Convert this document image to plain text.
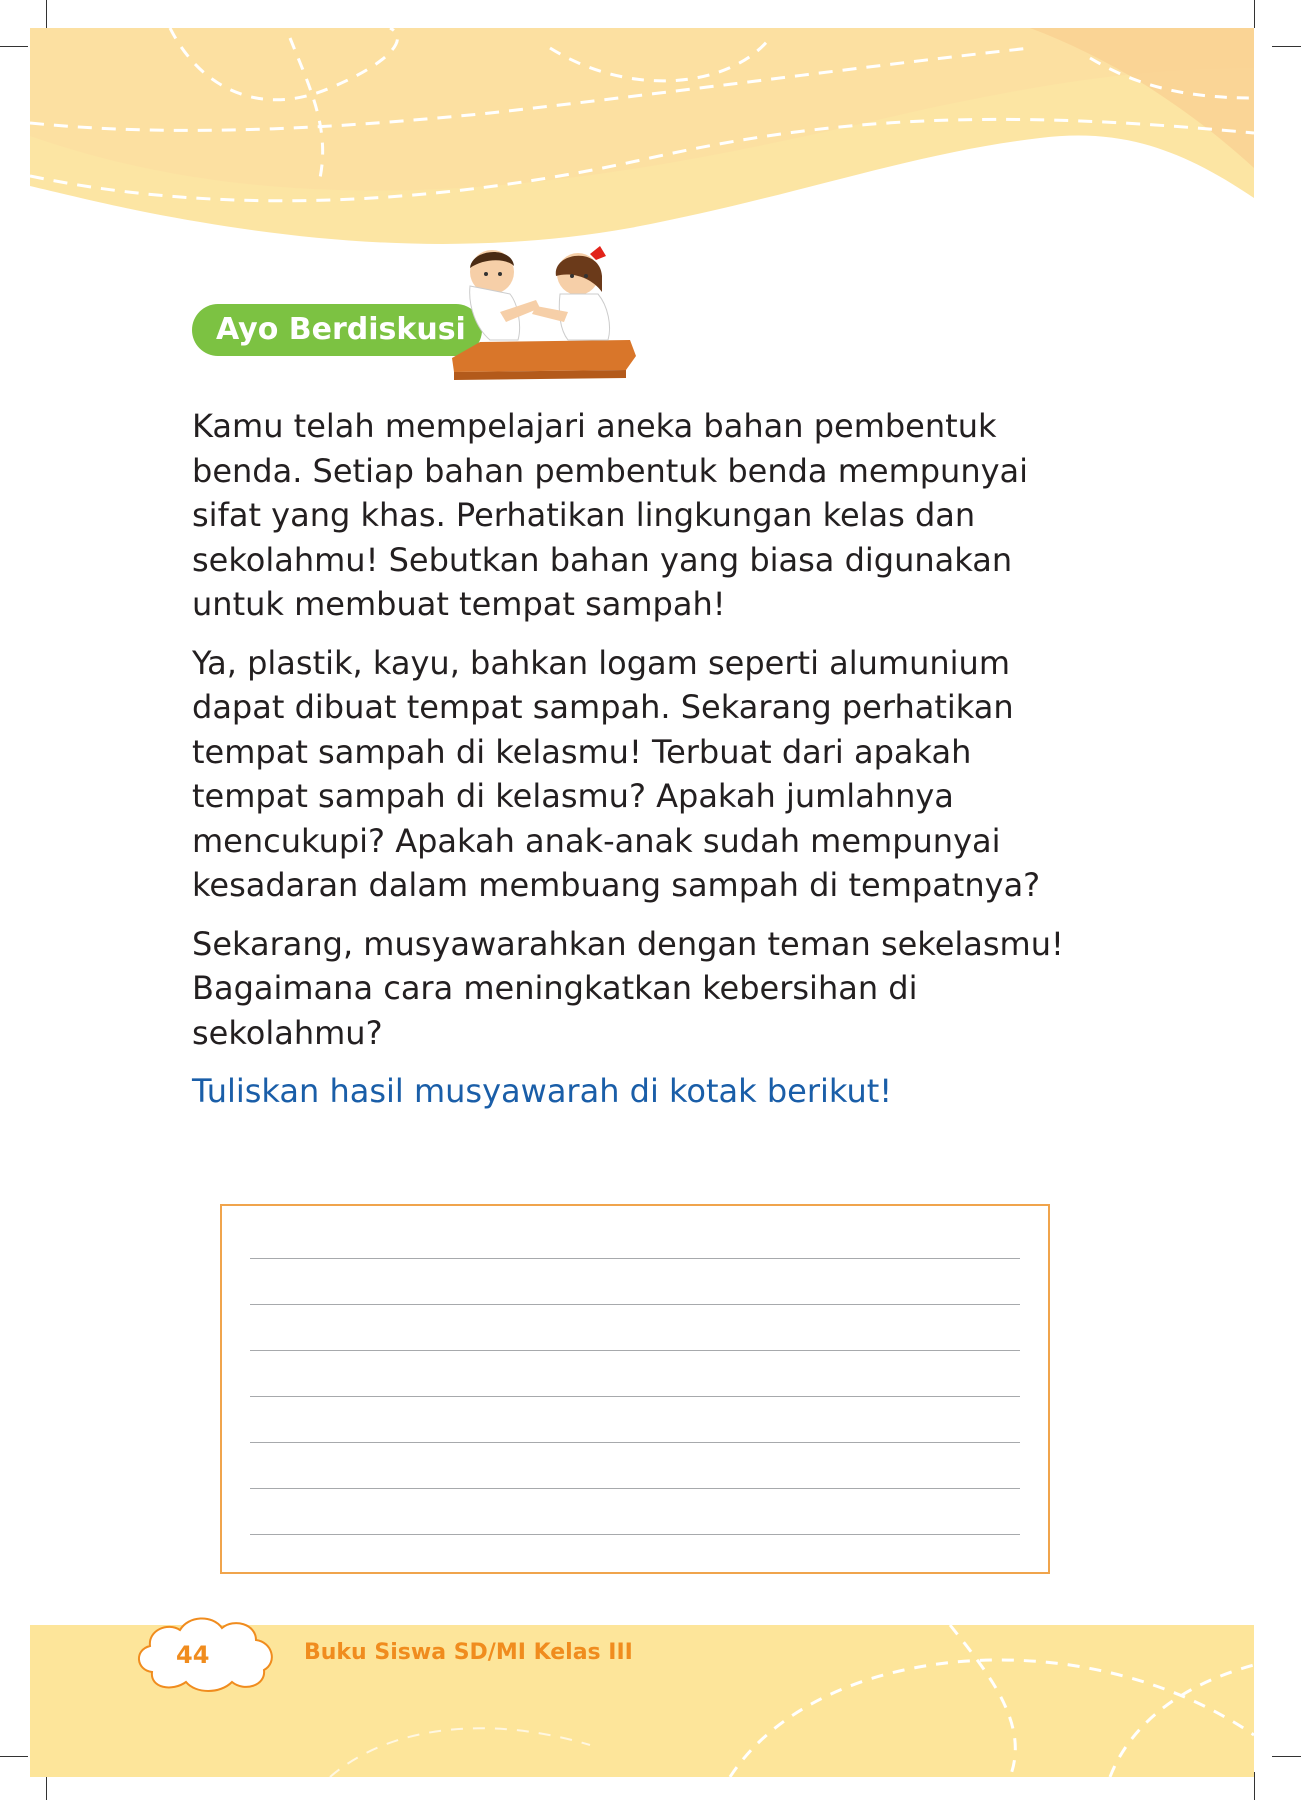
Ayo Berdiskusi

Kamu telah mempelajari aneka bahan pembentuk benda. Setiap bahan pembentuk benda mempunyai sifat yang khas. Perhatikan lingkungan kelas dan sekolahmu! Sebutkan bahan yang biasa digunakan untuk membuat tempat sampah!

Ya, plastik, kayu, bahkan logam seperti alumunium dapat dibuat tempat sampah. Sekarang perhatikan tempat sampah di kelasmu! Terbuat dari apakah tempat sampah di kelasmu? Apakah jumlahnya mencukupi? Apakah anak-anak sudah mempunyai kesadaran dalam membuang sampah di tempatnya?

Sekarang, musyawarahkan dengan teman sekelasmu! Bagaimana cara meningkatkan kebersihan di sekolahmu?

Tuliskan hasil musyawarah di kotak berikut!

44	Buku Siswa SD/MI Kelas III
